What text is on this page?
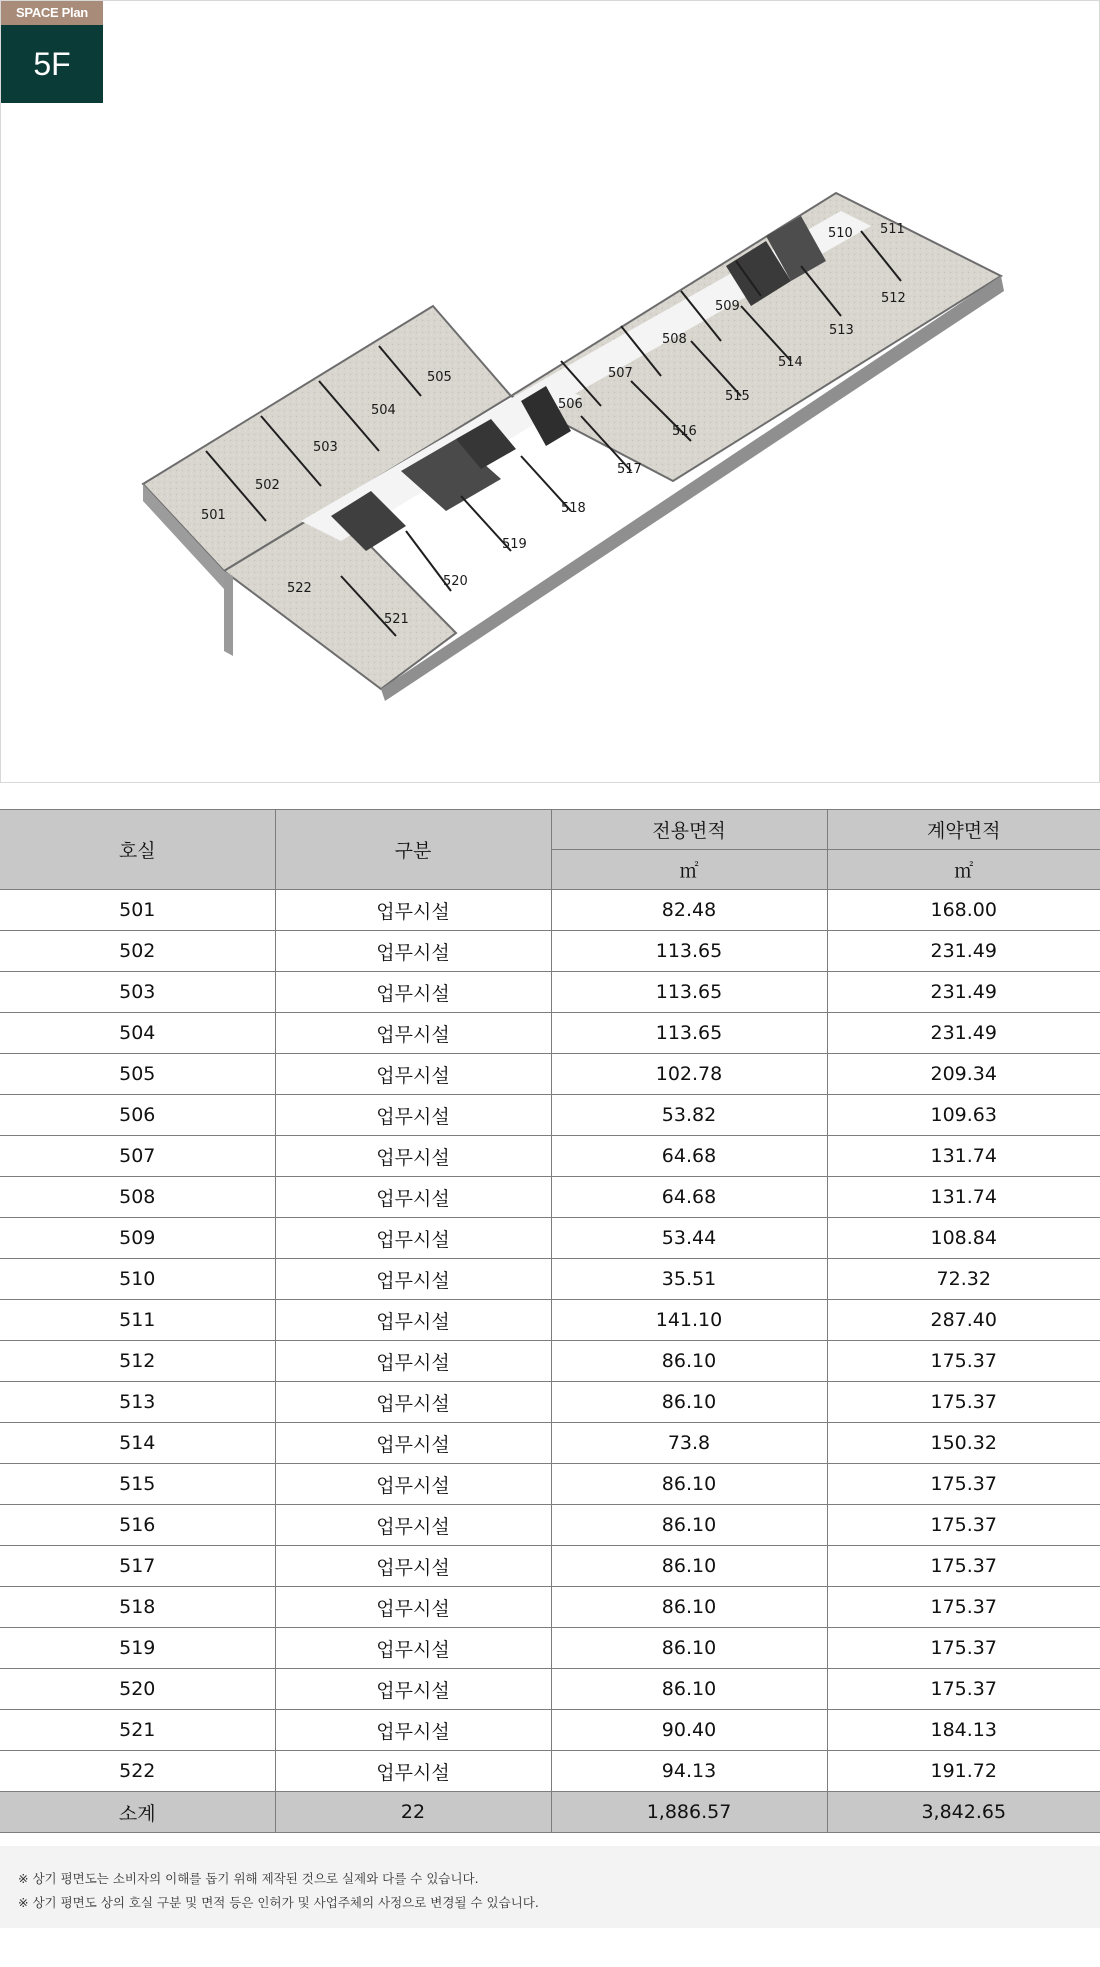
501
502
503
504
505
506
507
508
509
510 511
512
513
514
515
516
517
518
519
520
521
522
SPACE Plan
5F
호실	구분	전용면적	계약면적
		㎡	㎡
501	업무시설	82.48	168.00
502	업무시설	113.65	231.49
503	업무시설	113.65	231.49
504	업무시설	113.65	231.49
505	업무시설	102.78	209.34
506	업무시설	53.82	109.63
507	업무시설	64.68	131.74
508	업무시설	64.68	131.74
509	업무시설	53.44	108.84
510	업무시설	35.51	72.32
511	업무시설	141.10	287.40
512	업무시설	86.10	175.37
513	업무시설	86.10	175.37
514	업무시설	73.8	150.32
515	업무시설	86.10	175.37
516	업무시설	86.10	175.37
517	업무시설	86.10	175.37
518	업무시설	86.10	175.37
519	업무시설	86.10	175.37
520	업무시설	86.10	175.37
521	업무시설	90.40	184.13
522	업무시설	94.13	191.72
소계	22	1,886.57	3,842.65

※ 상기 평면도는 소비자의 이해를 돕기 위해 제작된 것으로 실제와 다를 수 있습니다.

※ 상기 평면도 상의 호실 구분 및 면적 등은 인허가 및 사업주체의 사정으로 변경될 수 있습니다.
